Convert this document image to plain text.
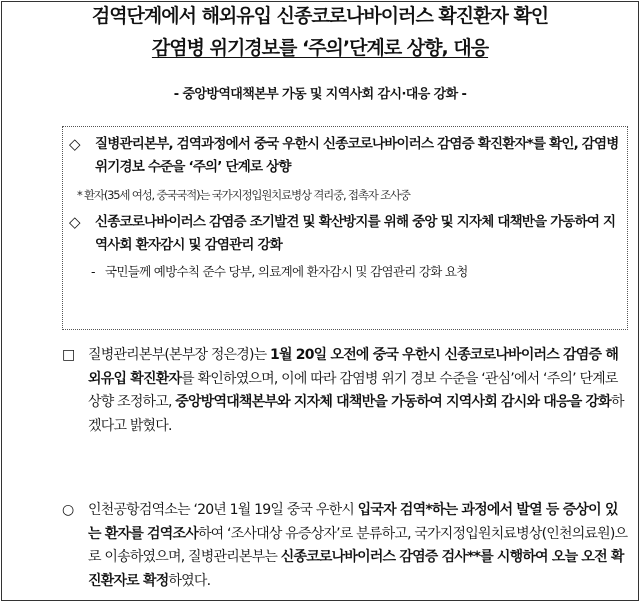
검역단계에서 해외유입 신종코로나바이러스 확진환자 확인
감염병 위기경보를 ‘주의’단계로 상향, 대응
- 중앙방역대책본부 가동 및 지역사회 감시·대응 강화 -
◇	질병관리본부, 검역과정에서 중국 우한시 신종코로나바이러스 감염증 확진환자*를 확인, 감염병 위기경보 수준을 ‘주의’ 단계로 상향
* 환자(35세 여성, 중국국적)는 국가지정입원치료병상 격리중, 접촉자 조사중
◇	신종코로나바이러스 감염증 조기발견 및 확산방지를 위해 중앙 및 지자체 대책반을 가동하여 지역사회 환자감시 및 감염관리 강화
- 국민들께 예방수칙 준수 당부, 의료계에 환자감시 및 감염관리 강화 요청
□ 질병관리본부(본부장 정은경)는 1월 20일 오전에 중국 우한시 신종코로나바이러스 감염증 해외유입 확진환자를 확인하였으며, 이에 따라 감염병 위기 경보 수준을 ‘관심’에서 ‘주의’ 단계로 상향 조정하고, 중앙방역대책본부와 지자체 대책반을 가동하여 지역사회 감시와 대응을 강화하겠다고 밝혔다.
○	인천공항검역소는 ‘20년 1월 19일 중국 우한시 입국자 검역*하는 과정에서 발열 등 증상이 있는 환자를 검역조사하여 ‘조사대상 유증상자’로 분류하고, 국가지정입원치료병상(인천의료원)으로 이송하였으며, 질병관리본부는 신종코로나바이러스 감염증 검사**를 시행하여 오늘 오전 확진환자로 확정하였다.
